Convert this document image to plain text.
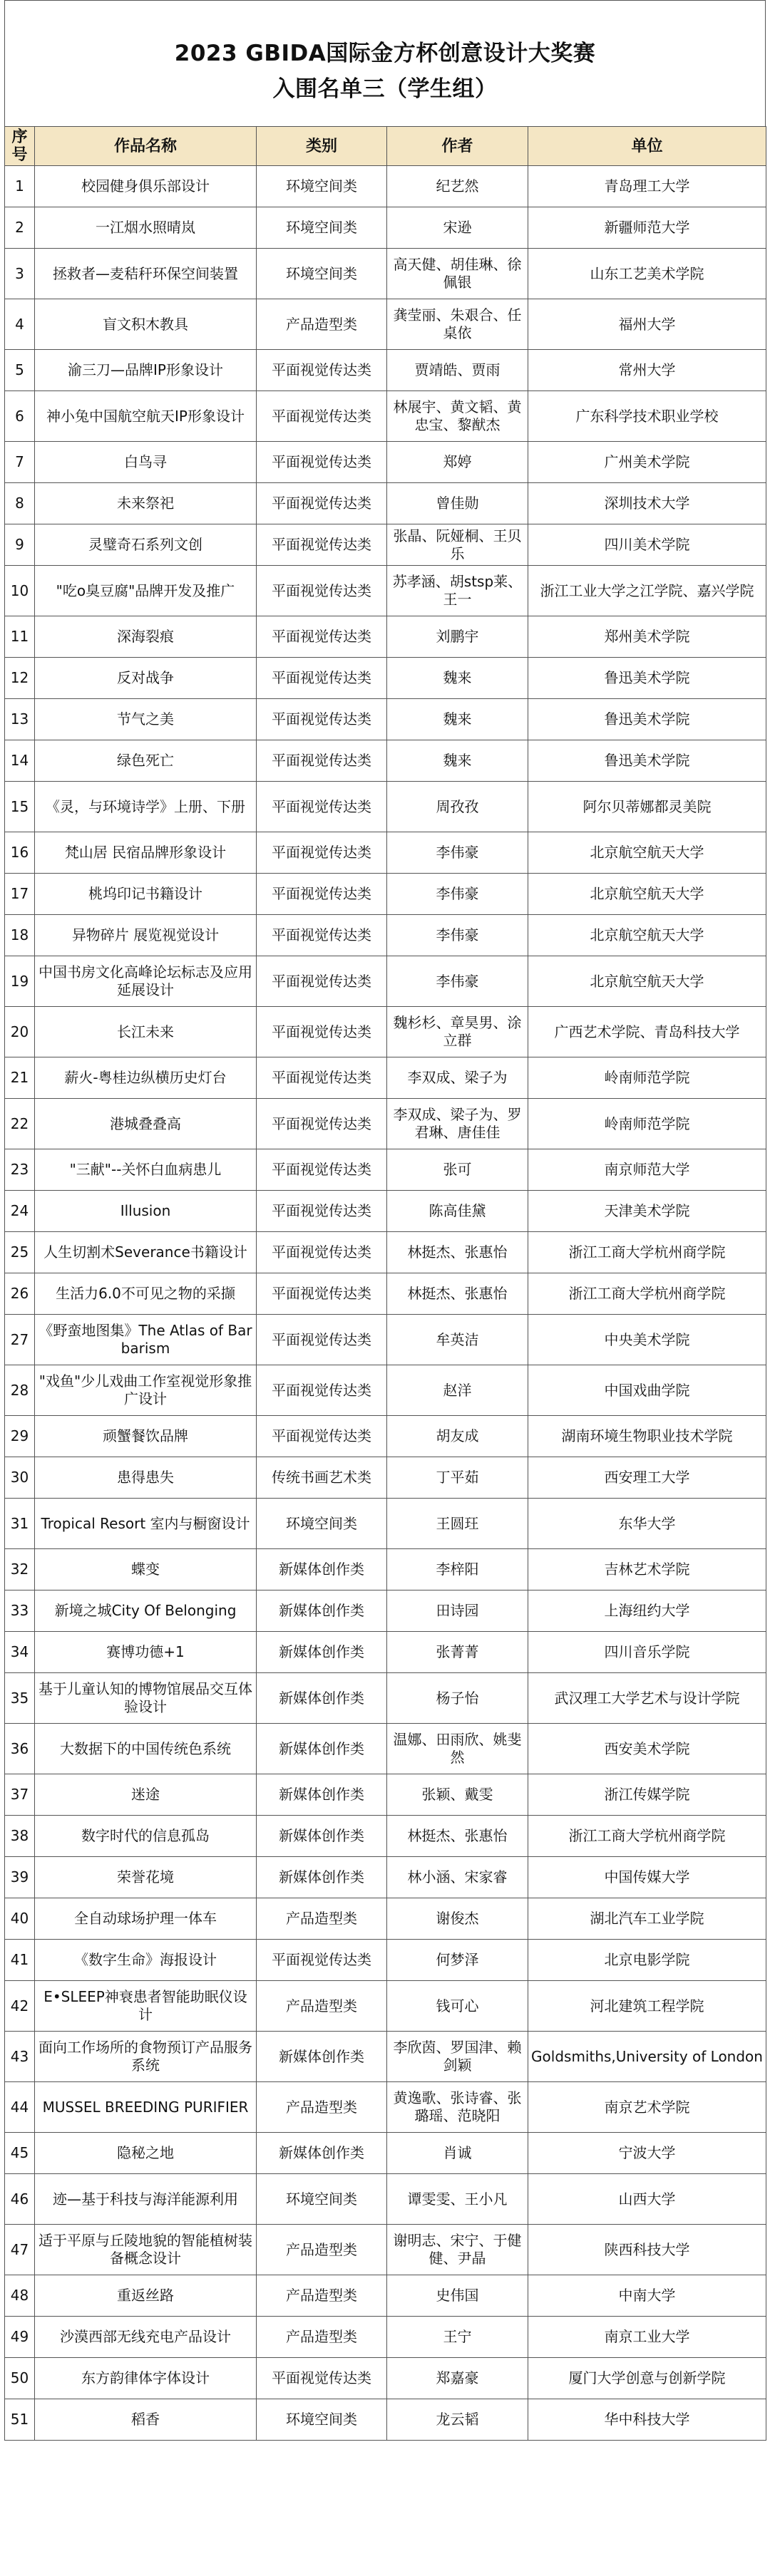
2023 GBIDA国际金方杯创意设计大奖赛
入围名单三（学生组）
序号	作品名称	类别	作者	单位
1	校园健身俱乐部设计	环境空间类	纪艺然	青岛理工大学
2	一江烟水照晴岚	环境空间类	宋逊	新疆师范大学
3	拯救者—麦秸秆环保空间装置	环境空间类	高天健、胡佳琳、徐佩银	山东工艺美术学院
4	盲文积木教具	产品造型类	龚莹丽、朱艰合、任桌依	福州大学
5	渝三刀—品牌IP形象设计	平面视觉传达类	贾靖皓、贾雨	常州大学
6	神小兔中国航空航天IP形象设计	平面视觉传达类	林展宇、黄文韬、黄忠宝、黎猷杰	广东科学技术职业学校
7	白鸟寻	平面视觉传达类	郑婷	广州美术学院
8	未来祭祀	平面视觉传达类	曾佳勋	深圳技术大学
9	灵璧奇石系列文创	平面视觉传达类	张晶、阮娅桐、王贝乐	四川美术学院
10	"吃o臭豆腐"品牌开发及推广	平面视觉传达类	苏孝涵、胡stsp莱、王一	浙江工业大学之江学院、嘉兴学院
11	深海裂痕	平面视觉传达类	刘鹏宇	郑州美术学院
12	反对战争	平面视觉传达类	魏来	鲁迅美术学院
13	节气之美	平面视觉传达类	魏来	鲁迅美术学院
14	绿色死亡	平面视觉传达类	魏来	鲁迅美术学院
15	《灵，与环境诗学》上册、下册	平面视觉传达类	周孜孜	阿尔贝蒂娜都灵美院
16	梵山居 民宿品牌形象设计	平面视觉传达类	李伟豪	北京航空航天大学
17	桃坞印记书籍设计	平面视觉传达类	李伟豪	北京航空航天大学
18	异物碎片 展览视觉设计	平面视觉传达类	李伟豪	北京航空航天大学
19	中国书房文化高峰论坛标志及应用延展设计	平面视觉传达类	李伟豪	北京航空航天大学
20	长江未来	平面视觉传达类	魏杉杉、章昊男、涂立群	广西艺术学院、青岛科技大学
21	薪火-粤桂边纵横历史灯台	平面视觉传达类	李双成、梁子为	岭南师范学院
22	港城叠叠高	平面视觉传达类	李双成、梁子为、罗君琳、唐佳佳	岭南师范学院
23	"三献"--关怀白血病患儿	平面视觉传达类	张可	南京师范大学
24	Illusion	平面视觉传达类	陈高佳黛	天津美术学院
25	人生切割术Severance书籍设计	平面视觉传达类	林挺杰、张惠怡	浙江工商大学杭州商学院
26	生活力6.0不可见之物的采撷	平面视觉传达类	林挺杰、张惠怡	浙江工商大学杭州商学院
27	《野蛮地图集》The Atlas of Barbarism	平面视觉传达类	牟英洁	中央美术学院
28	"戏鱼"少儿戏曲工作室视觉形象推广设计	平面视觉传达类	赵洋	中国戏曲学院
29	顽蟹餐饮品牌	平面视觉传达类	胡友成	湖南环境生物职业技术学院
30	患得患失	传统书画艺术类	丁平茹	西安理工大学
31	Tropical Resort 室内与橱窗设计	环境空间类	王圆玨	东华大学
32	蝶变	新媒体创作类	李梓阳	吉林艺术学院
33	新境之城City Of Belonging	新媒体创作类	田诗园	上海纽约大学
34	赛博功德+1	新媒体创作类	张菁菁	四川音乐学院
35	基于儿童认知的博物馆展品交互体验设计	新媒体创作类	杨子怡	武汉理工大学艺术与设计学院
36	大数据下的中国传统色系统	新媒体创作类	温娜、田雨欣、姚斐然	西安美术学院
37	迷途	新媒体创作类	张颖、戴雯	浙江传媒学院
38	数字时代的信息孤岛	新媒体创作类	林挺杰、张惠怡	浙江工商大学杭州商学院
39	荣誉花境	新媒体创作类	林小涵、宋家睿	中国传媒大学
40	全自动球场护理一体车	产品造型类	谢俊杰	湖北汽车工业学院
41	《数字生命》海报设计	平面视觉传达类	何梦泽	北京电影学院
42	E•SLEEP神衰患者智能助眠仪设计	产品造型类	钱可心	河北建筑工程学院
43	面向工作场所的食物预订产品服务系统	新媒体创作类	李欣茵、罗国津、赖剑颖	Goldsmiths,University of London
44	MUSSEL BREEDING PURIFIER	产品造型类	黄逸歌、张诗睿、张璐瑶、范晓阳	南京艺术学院
45	隐秘之地	新媒体创作类	肖诚	宁波大学
46	迹—基于科技与海洋能源利用	环境空间类	谭雯雯、王小凡	山西大学
47	适于平原与丘陵地貌的智能植树装备概念设计	产品造型类	谢明志、宋宁、于健健、尹晶	陕西科技大学
48	重返丝路	产品造型类	史伟国	中南大学
49	沙漠西部无线充电产品设计	产品造型类	王宁	南京工业大学
50	东方韵律体字体设计	平面视觉传达类	郑嘉豪	厦门大学创意与创新学院
51	稻香	环境空间类	龙云韬	华中科技大学
